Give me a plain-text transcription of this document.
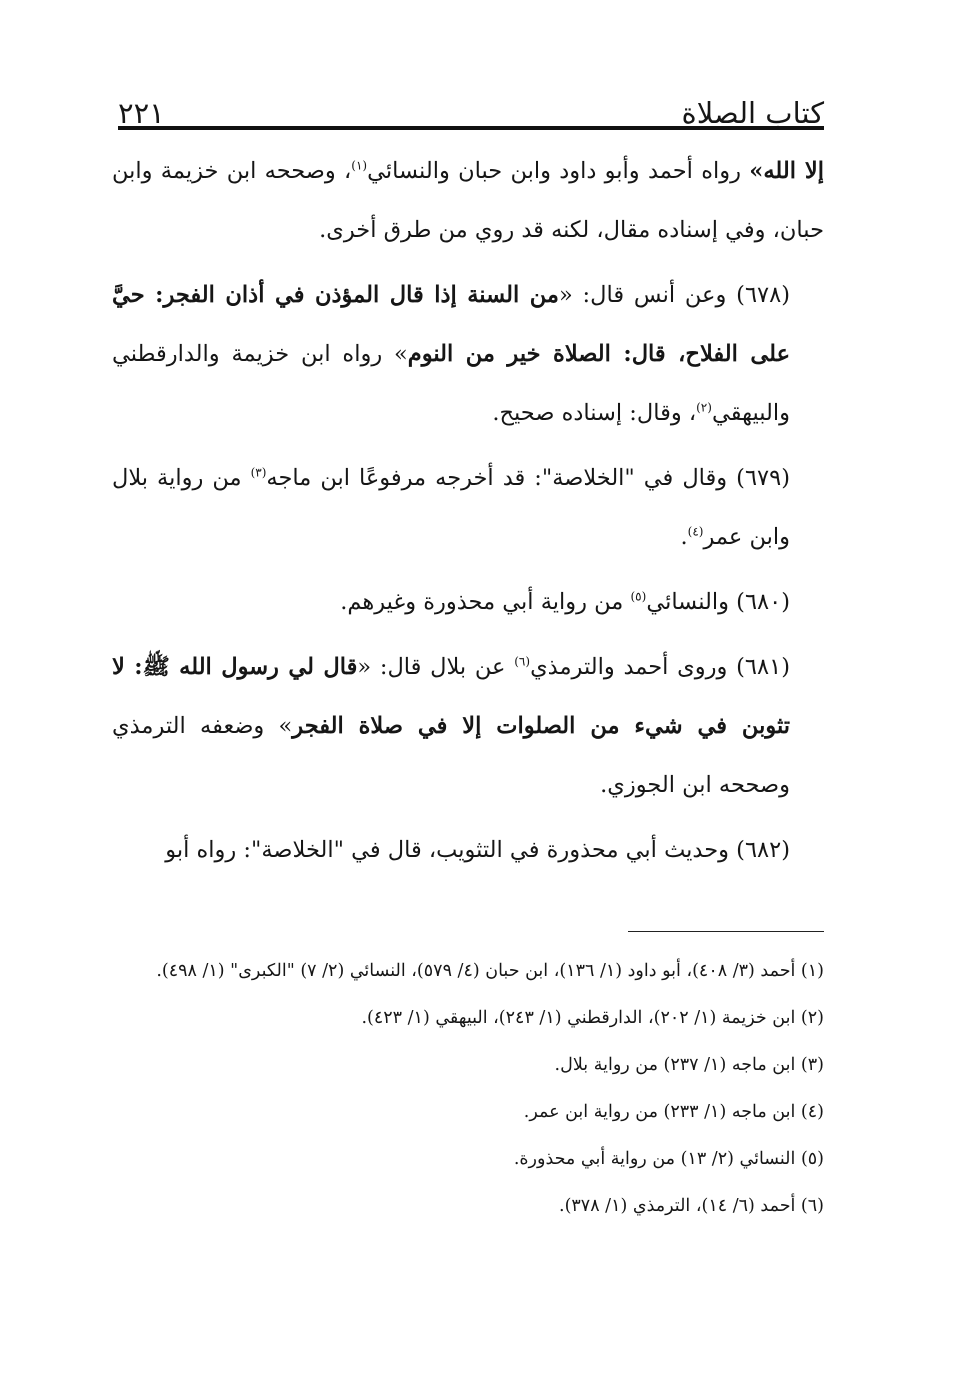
كتاب الصلاة
٢٢١

إلا الله» رواه أحمد وأبو داود وابن حبان والنسائي$^{(١)}$، وصححه ابن خزيمة وابن حبان، وفي إسناده مقال، لكنه قد روي من طرق أخرى.

(٦٧٨) وعن أنس قال: «من السنة إذا قال المؤذن في أذان الفجر: حيَّ على الفلاح، قال: الصلاة خير من النوم» رواه ابن خزيمة والدارقطني والبيهقي$^{(٢)}$، وقال: إسناده صحيح.

(٦٧٩) وقال في "الخلاصة": قد أخرجه مرفوعًا ابن ماجه$^{(٣)}$ من رواية بلال وابن عمر$^{(٤)}$.

(٦٨٠) والنسائي$^{(٥)}$ من رواية أبي محذورة وغيرهم.

(٦٨١) وروى أحمد والترمذي$^{(٦)}$ عن بلال قال: «قال لي رسول الله ﷺ: لا تثوبن في شيء من الصلوات إلا في صلاة الفجر» وضعفه الترمذي وصححه ابن الجوزي.

(٦٨٢) وحديث أبي محذورة في التثويب، قال في "الخلاصة": رواه أبو

(١) أحمد (٣/ ٤٠٨)، أبو داود (١/ ١٣٦)، ابن حبان (٤/ ٥٧٩)، النسائي (٢/ ٧) "الكبرى" (١/ ٤٩٨).

(٢) ابن خزيمة (١/ ٢٠٢)، الدارقطني (١/ ٢٤٣)، البيهقي (١/ ٤٢٣).

(٣) ابن ماجه (١/ ٢٣٧) من رواية بلال.

(٤) ابن ماجه (١/ ٢٣٣) من رواية ابن عمر.

(٥) النسائي (٢/ ١٣) من رواية أبي محذورة.

(٦) أحمد (٦/ ١٤)، الترمذي (١/ ٣٧٨).
